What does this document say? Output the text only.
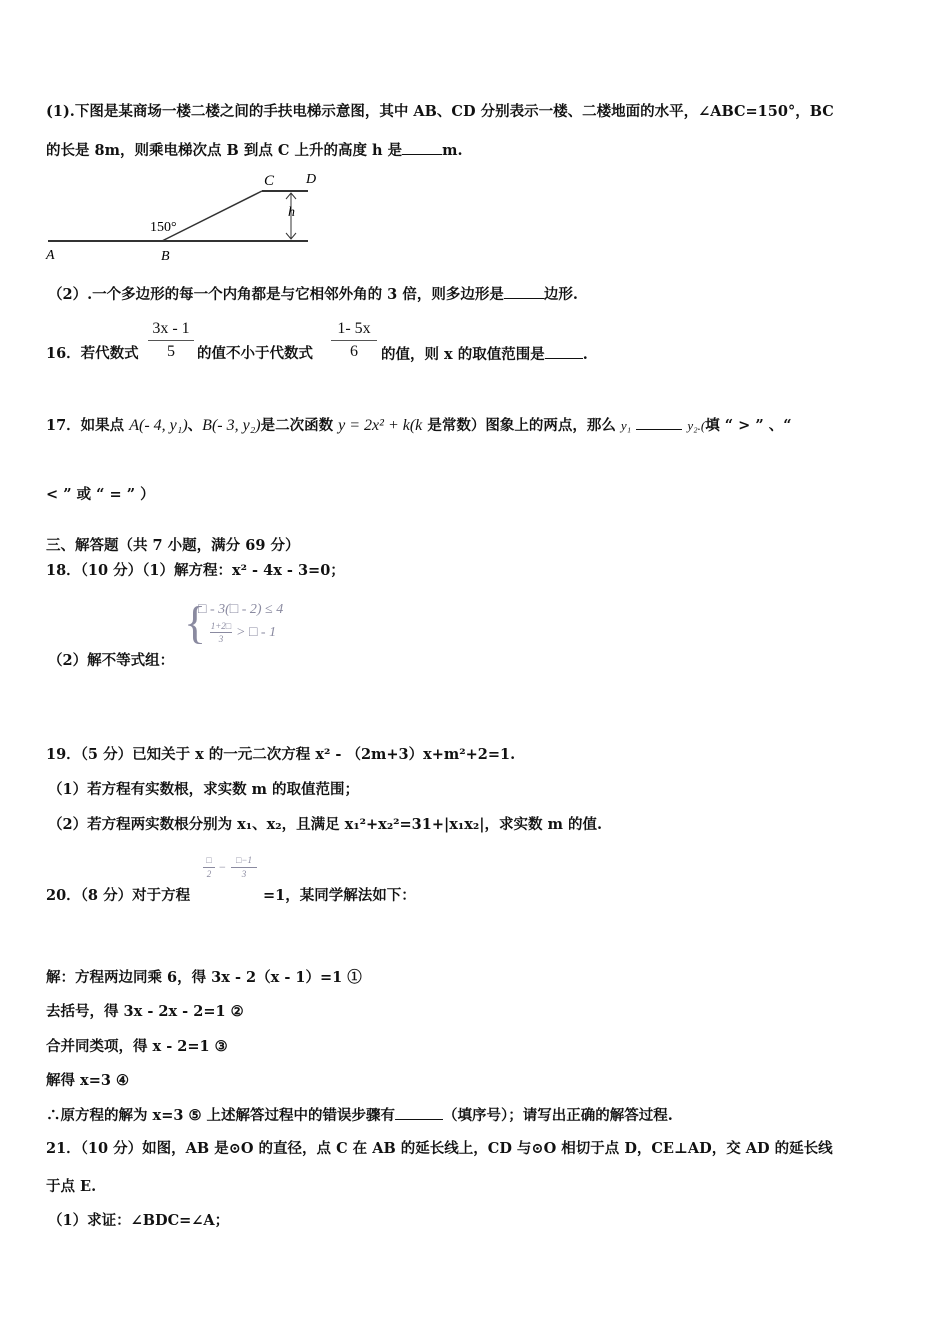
(1).下图是某商场一楼二楼之间的手扶电梯示意图，其中 AB、CD 分别表示一楼、二楼地面的水平，∠ABC=150°，BC
的长是 8m，则乘电梯次点 B 到点 C 上升的高度 h 是	m.
C D
h
150°
A	B
（2）.一个多边形的每一个内角都是与它相邻外角的 3 倍，则多边形是	边形.
16．若代数式
3x - 1
5	的值不小于代数式
1- 5x
6	的值，则 x 的取值范围是	.
17．如果点 A(- 4, y₁)、B(- 3, y₂)是二次函数 y = 2x² + k(k 是常数）图象上的两点，那么 y₁	y₂.(填 “ > ” 、“
< ” 或 “ = ” ）
三、解答题（共 7 小题，满分 69 分）
18．（10 分）（1）解方程：x² - 4x - 3=0；
{
□ - 3(□ - 2) ≤ 4
1+2□
3 > □ - 1
（2）解不等式组：
19．（5 分）已知关于 x 的一元二次方程 x² - （2m+3）x+m²+2=1.
（1）若方程有实数根，求实数 m 的取值范围；
（2）若方程两实数根分别为 x₁、x₂，且满足 x₁²+x₂²=31+|x₁x₂|，求实数 m 的值.
□
2 −	□−1
3
20．（8 分）对于方程	=1，某同学解法如下：
解：方程两边同乘 6，得 3x - 2（x - 1）=1 ①
去括号，得 3x - 2x - 2=1 ②
合并同类项，得 x - 2=1 ③
解得 x=3 ④
∴原方程的解为 x=3 ⑤ 上述解答过程中的错误步骤有	（填序号）；请写出正确的解答过程.
21．（10 分）如图，AB 是⊙O 的直径，点 C 在 AB 的延长线上，CD 与⊙O 相切于点 D，CE⊥AD，交 AD 的延长线
于点 E.
（1）求证：∠BDC=∠A；
